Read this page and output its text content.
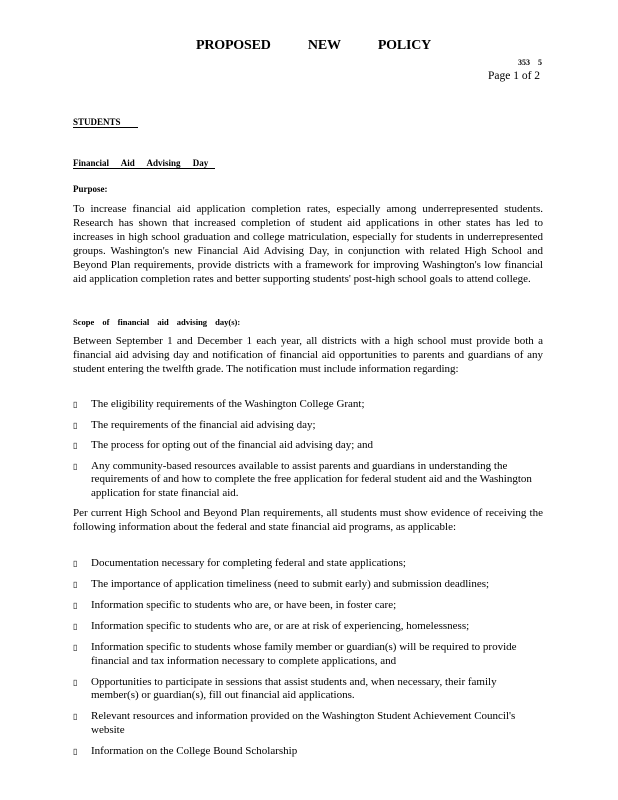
PROPOSED NEW POLICY
353 5
Page 1 of 2
STUDENTS
Financial Aid Advising Day
Purpose:
To increase financial aid application completion rates, especially among underrepresented students. Research has shown that increased completion of student aid applications in other states has led to increases in high school graduation and college matriculation, especially for students in underrepresented groups. Washington's new Financial Aid Advising Day, in conjunction with related High School and Beyond Plan requirements, provide districts with a framework for improving Washington's low financial aid application completion rates and better supporting students' post-high school goals to attend college.
Scope of financial aid advising day(s):
Between September 1 and December 1 each year, all districts with a high school must provide both a financial aid advising day and notification of financial aid opportunities to parents and guardians of any student entering the twelfth grade. The notification must include information regarding:
▯ The eligibility requirements of the Washington College Grant;
▯ The requirements of the financial aid advising day;
▯ The process for opting out of the financial aid advising day; and
▯ Any community-based resources available to assist parents and guardians in understanding the requirements of and how to complete the free application for federal student aid and the Washington application for state financial aid.
Per current High School and Beyond Plan requirements, all students must show evidence of receiving the following information about the federal and state financial aid programs, as applicable:
▯ Documentation necessary for completing federal and state applications;
▯ The importance of application timeliness (need to submit early) and submission deadlines;
▯ Information specific to students who are, or have been, in foster care;
▯ Information specific to students who are, or are at risk of experiencing, homelessness;
▯ Information specific to students whose family member or guardian(s) will be required to provide financial and tax information necessary to complete applications, and
▯ Opportunities to participate in sessions that assist students and, when necessary, their family member(s) or guardian(s), fill out financial aid applications.
▯ Relevant resources and information provided on the Washington Student Achievement Council's website
▯ Information on the College Bound Scholarship
